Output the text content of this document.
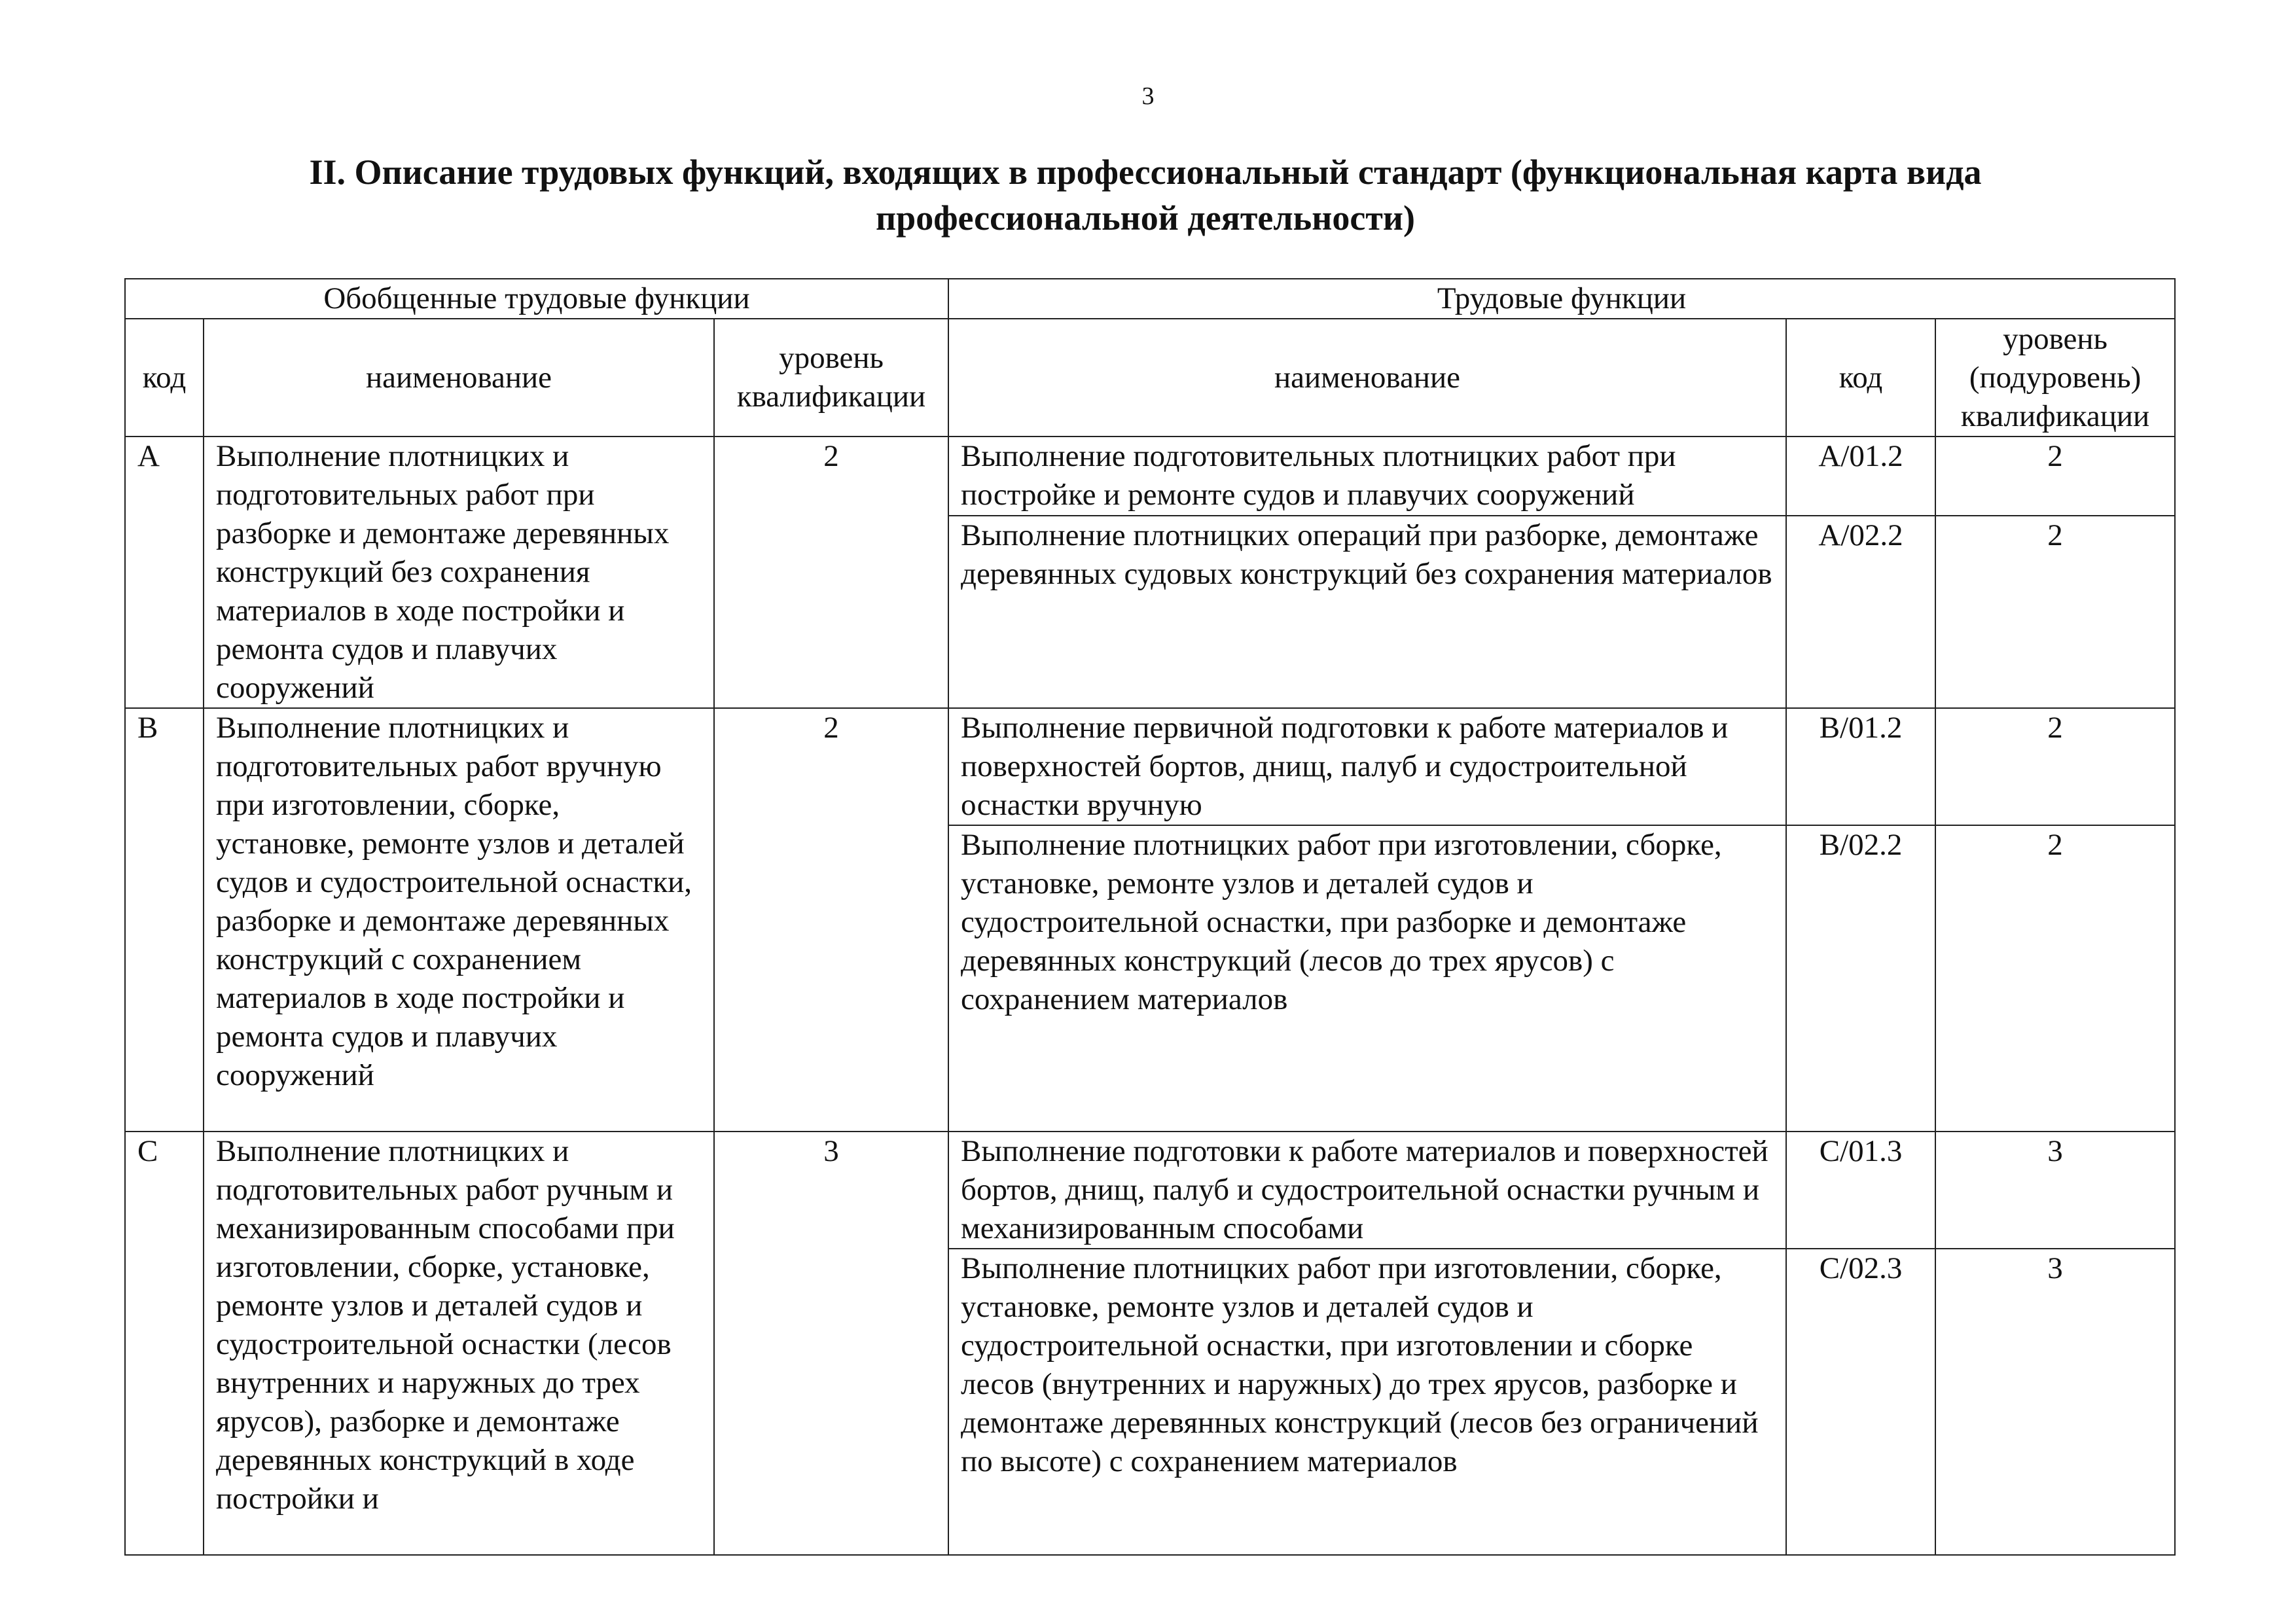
3
II. Описание трудовых функций, входящих в профессиональный стандарт (функциональная карта вида
профессиональной деятельности)
Обобщенные трудовые функции			Трудовые функции		
код	наименование	уровень квалификации	наименование	код	уровень (подуровень) квалификации
A	Выполнение плотницких и подготовительных работ при разборке и демонтаже деревянных конструкций без сохранения материалов в ходе постройки и ремонта судов и плавучих сооружений	2	Выполнение подготовительных плотницких работ при постройке и ремонте судов и плавучих сооружений	A/01.2	2
			Выполнение плотницких операций при разборке, демонтаже деревянных судовых конструкций без сохранения материалов	A/02.2	2
B	Выполнение плотницких и подготовительных работ вручную при изготовлении, сборке, установке, ремонте узлов и деталей судов и судостроительной оснастки, разборке и демонтаже деревянных конструкций с сохранением материалов в ходе постройки и ремонта судов и плавучих сооружений	2	Выполнение первичной подготовки к работе материалов и поверхностей бортов, днищ, палуб и судостроительной оснастки вручную	B/01.2	2
			Выполнение плотницких работ при изготовлении, сборке, установке, ремонте узлов и деталей судов и судостроительной оснастки, при разборке и демонтаже деревянных конструкций (лесов до трех ярусов) с сохранением материалов	B/02.2	2
C	Выполнение плотницких и подготовительных работ ручным и механизированным способами при изготовлении, сборке, установке, ремонте узлов и деталей судов и судостроительной оснастки (лесов внутренних и наружных до трех ярусов), разборке и демонтаже деревянных конструкций в ходе постройки и	3	Выполнение подготовки к работе материалов и поверхностей бортов, днищ, палуб и судостроительной оснастки ручным и механизированным способами	C/01.3	3
			Выполнение плотницких работ при изготовлении, сборке, установке, ремонте узлов и деталей судов и судостроительной оснастки, при изготовлении и сборке лесов (внутренних и наружных) до трех ярусов, разборке и демонтаже деревянных конструкций (лесов без ограничений по высоте) с сохранением материалов	C/02.3	3
